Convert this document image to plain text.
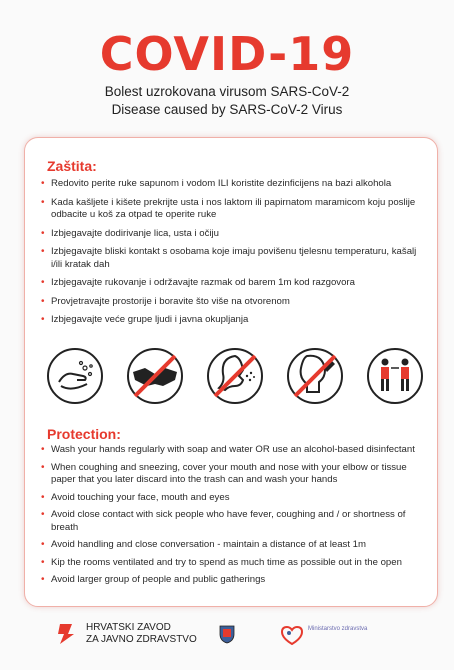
COVID-19
Bolest uzrokovana virusom SARS-CoV-2
Disease caused by SARS-CoV-2 Virus
Zaštita:
• Redovito perite ruke sapunom i vodom ILI koristite dezinficijens na bazi alkohola
• Kada kašljete i kišete prekrijte usta i nos laktom ili papirnatom maramicom koju poslije odbacite u koš za otpad te operite ruke
• Izbjegavajte dodirivanje lica, usta i očiju
• Izbjegavajte bliski kontakt s osobama koje imaju povišenu tjelesnu temperaturu, kašalj i/ili kratak dah
• Izbjegavajte rukovanje i održavajte razmak od barem 1m kod razgovora
• Provjetravajte prostorije i boravite što više na otvorenom
• Izbjegavajte veće grupe ljudi i javna okupljanja
Protection:
• Wash your hands regularly with soap and water OR use an alcohol-based disinfectant
• When coughing and sneezing, cover your mouth and nose with your elbow or tissue paper that you later discard into the trash can and wash your hands
• Avoid touching your face, mouth and eyes
• Avoid close contact with sick people who have fever, coughing and / or shortness of breath
• Avoid handling and close conversation - maintain a distance of at least 1m
• Kip the rooms ventilated and try to spend as much time as possible out in the open
• Avoid larger group of people and public gatherings
HRVATSKI ZAVOD
ZA JAVNO ZDRAVSTVO
Ministarstvo zdravstva
